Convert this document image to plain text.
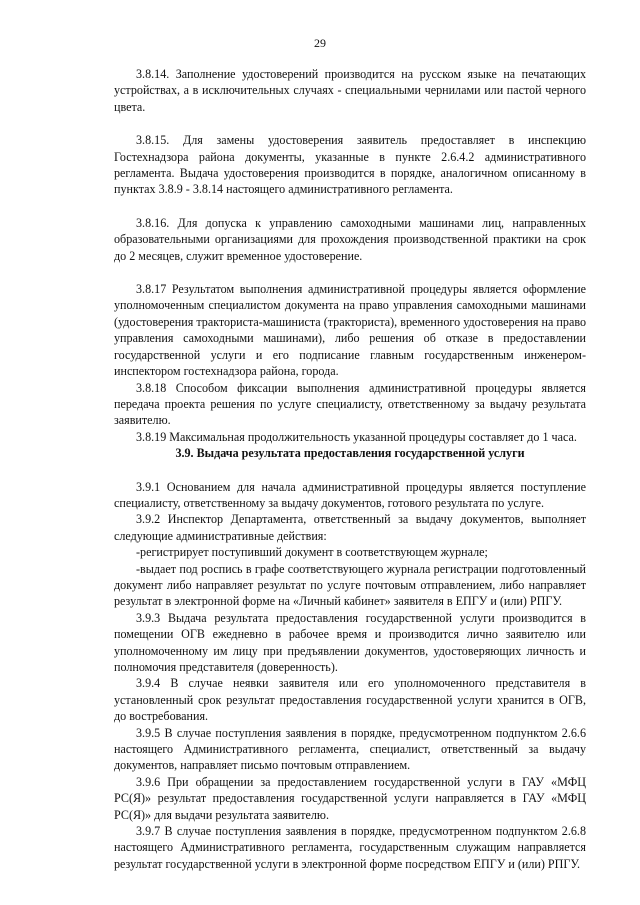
29

3.8.14. Заполнение удостоверений производится на русском языке на печатающих устройствах, а в исключительных случаях - специальными чернилами или пастой черного цвета.

3.8.15. Для замены удостоверения заявитель предоставляет в инспекцию Гостехнадзора района документы, указанные в пункте 2.6.4.2 административного регламента. Выдача удостоверения производится в порядке, аналогичном описанному в пунктах 3.8.9 - 3.8.14 настоящего административного регламента.

3.8.16. Для допуска к управлению самоходными машинами лиц, направленных образовательными организациями для прохождения производственной практики на срок до 2 месяцев, служит временное удостоверение.

3.8.17 Результатом выполнения административной процедуры является оформление уполномоченным специалистом документа на право управления самоходными машинами (удостоверения тракториста-машиниста (тракториста), временного удостоверения на право управления самоходными машинами), либо решения об отказе в предоставлении государственной услуги и его подписание главным государственным инженером-инспектором гостехнадзора района, города.

3.8.18 Способом фиксации выполнения административной процедуры является передача проекта решения по услуге специалисту, ответственному за выдачу результата заявителю.

3.8.19 Максимальная продолжительность указанной процедуры составляет до 1 часа.

3.9. Выдача результата предоставления государственной услуги

3.9.1 Основанием для начала административной процедуры является поступление специалисту, ответственному за выдачу документов, готового результата по услуге.

3.9.2 Инспектор Департамента, ответственный за выдачу документов, выполняет следующие административные действия:

-регистрирует поступивший документ в соответствующем журнале;

-выдает под роспись в графе соответствующего журнала регистрации подготовленный документ либо направляет результат по услуге почтовым отправлением, либо направляет результат в электронной форме на «Личный кабинет» заявителя в ЕПГУ и (или) РПГУ.

3.9.3 Выдача результата предоставления государственной услуги производится в помещении ОГВ ежедневно в рабочее время и производится лично заявителю или уполномоченному им лицу при предъявлении документов, удостоверяющих личность и полномочия представителя (доверенность).

3.9.4 В случае неявки заявителя или его уполномоченного представителя в установленный срок результат предоставления государственной услуги хранится в ОГВ, до востребования.

3.9.5 В случае поступления заявления в порядке, предусмотренном подпунктом 2.6.6 настоящего Административного регламента, специалист, ответственный за выдачу документов, направляет письмо почтовым отправлением.

3.9.6 При обращении за предоставлением государственной услуги в ГАУ «МФЦ РС(Я)» результат предоставления государственной услуги направляется в ГАУ «МФЦ РС(Я)» для выдачи результата заявителю.

3.9.7 В случае поступления заявления в порядке, предусмотренном подпунктом 2.6.8 настоящего Административного регламента, государственным служащим направляется результат государственной услуги в электронной форме посредством ЕПГУ и (или) РПГУ.
